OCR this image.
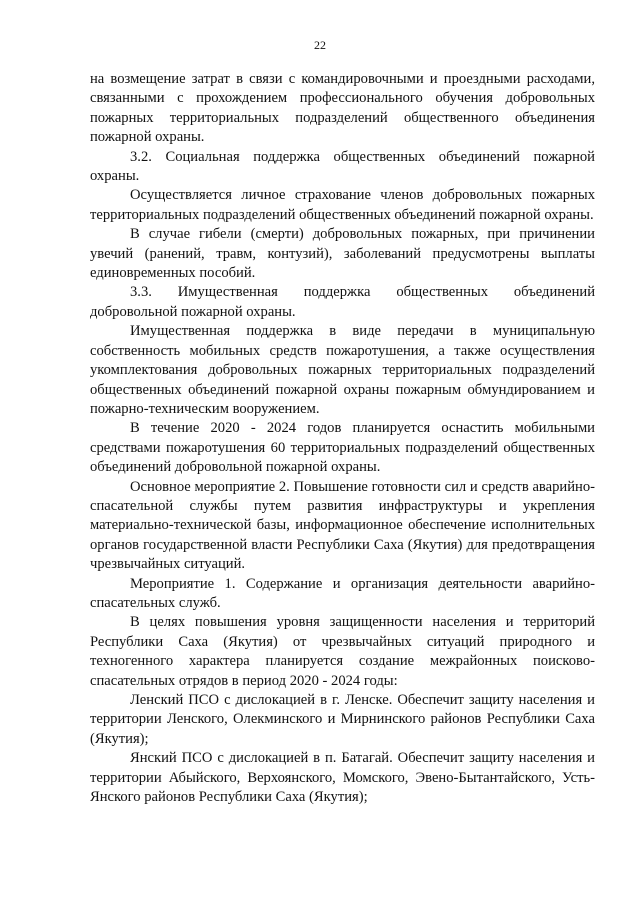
22

на возмещение затрат в связи с командировочными и проездными расходами, связанными с прохождением профессионального обучения добровольных пожарных территориальных подразделений общественного объединения пожарной охраны.

3.2. Социальная поддержка общественных объединений пожарной охраны.

Осуществляется личное страхование членов добровольных пожарных территориальных подразделений общественных объединений пожарной охраны.

В случае гибели (смерти) добровольных пожарных, при причинении увечий (ранений, травм, контузий), заболеваний предусмотрены выплаты единовременных пособий.

3.3. Имущественная поддержка общественных объединений добровольной пожарной охраны.

Имущественная поддержка в виде передачи в муниципальную собственность мобильных средств пожаротушения, а также осуществления укомплектования добровольных пожарных территориальных подразделений общественных объединений пожарной охраны пожарным обмундированием и пожарно-техническим вооружением.

В течение 2020 - 2024 годов планируется оснастить мобильными средствами пожаротушения 60 территориальных подразделений общественных объединений добровольной пожарной охраны.

Основное мероприятие 2. Повышение готовности сил и средств аварийно-спасательной службы путем развития инфраструктуры и укрепления материально-технической базы, информационное обеспечение исполнительных органов государственной власти Республики Саха (Якутия) для предотвращения чрезвычайных ситуаций.

Мероприятие 1. Содержание и организация деятельности аварийно-спасательных служб.

В целях повышения уровня защищенности населения и территорий Республики Саха (Якутия) от чрезвычайных ситуаций природного и техногенного характера планируется создание межрайонных поисково-спасательных отрядов в период 2020 - 2024 годы:

Ленский ПСО с дислокацией в г. Ленске. Обеспечит защиту населения и территории Ленского, Олекминского и Мирнинского районов Республики Саха (Якутия);

Янский ПСО с дислокацией в п. Батагай. Обеспечит защиту населения и территории Абыйского, Верхоянского, Момского, Эвено-Бытантайского, Усть-Янского районов Республики Саха (Якутия);
